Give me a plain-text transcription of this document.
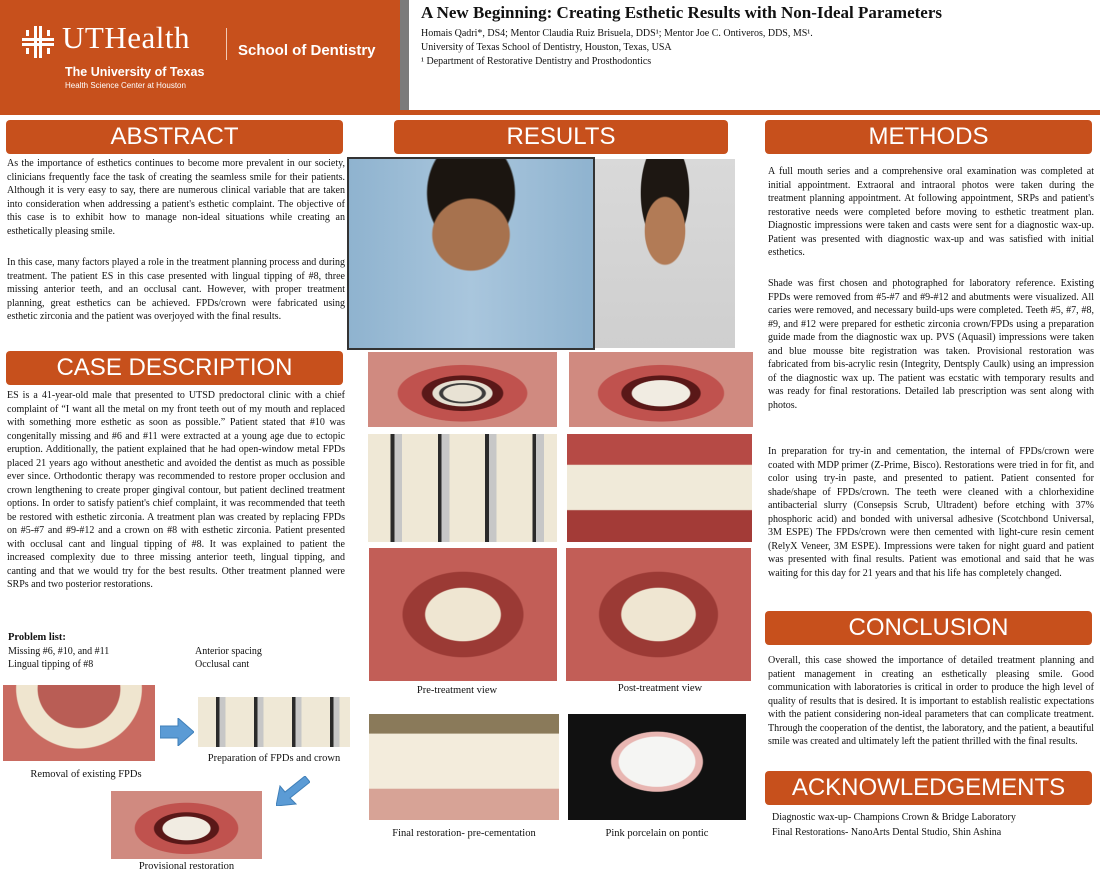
UTHealth	School of Dentistry
The University of Texas
Health Science Center at Houston
A New Beginning: Creating Esthetic Results with Non-Ideal Parameters
Homais Qadri*, DS4; Mentor Claudia Ruiz Brisuela, DDS¹; Mentor Joe C. Ontiveros, DDS, MS¹.
University of Texas School of Dentistry, Houston, Texas, USA
¹ Department of Restorative Dentistry and Prosthodontics
ABSTRACT
As the importance of esthetics continues to become more prevalent in our society, clinicians frequently face the task of creating the seamless smile for their patients. Although it is very easy to say, there are numerous clinical variable that are taken into consideration when addressing a patient's esthetic complaint. The objective of this case is to exhibit how to manage non-ideal situations while creating an esthetically pleasing smile.
In this case, many factors played a role in the treatment planning process and during treatment. The patient ES in this case presented with lingual tipping of #8, three missing anterior teeth, and an occlusal cant. However, with proper treatment planning, great esthetics can be achieved. FPDs/crown were fabricated using esthetic zirconia and the patient was overjoyed with the final results.
CASE DESCRIPTION
ES is a 41-year-old male that presented to UTSD predoctoral clinic with a chief complaint of “I want all the metal on my front teeth out of my mouth and replaced with something more esthetic as soon as possible.” Patient stated that #10 was congenitally missing and #6 and #11 were extracted at a young age due to ectopic eruption. Additionally, the patient explained that he had open-window metal FPDs placed 21 years ago without anesthetic and avoided the dentist as much as possible ever since. Orthodontic therapy was recommended to restore proper occlusion and crown lengthening to create proper gingival contour, but patient declined treatment options. In order to satisfy patient's chief complaint, it was recommended that teeth be restored with esthetic zirconia. A treatment plan was created by replacing FPDs on #5-#7 and #9-#12 and a crown on #8 with esthetic zirconia. Patient presented with occlusal cant and lingual tipping of #8. It was explained to patient the increased complexity due to three missing anterior teeth, lingual tipping, and canting and that we would try for the best results. Other treatment planned were SRPs and two posterior restorations.
Problem list:
Missing #6, #10, and #11	Anterior spacing
Lingual tipping of #8	Occlusal cant
Removal of existing FPDs
Preparation of FPDs and crown
Provisional restoration
RESULTS
Pre-treatment view	Post-treatment view
Final restoration- pre-cementation	Pink porcelain on pontic
METHODS
A full mouth series and a comprehensive oral examination was completed at initial appointment. Extraoral and intraoral photos were taken during the treatment planning appointment. At following appointment, SRPs and patient's restorative needs were completed before moving to esthetic treatment plan. Diagnostic impressions were taken and casts were sent for a diagnostic wax-up. Patient was presented with diagnostic wax-up and was satisfied with initial esthetics.
Shade was first chosen and photographed for laboratory reference. Existing FPDs were removed from #5-#7 and #9-#12 and abutments were visualized. All caries were removed, and necessary build-ups were completed. Teeth #5, #7, #8, #9, and #12 were prepared for esthetic zirconia crown/FPDs using a preparation guide made from the diagnostic wax up. PVS (Aquasil) impressions were taken and blue mousse bite registration was taken. Provisional restoration was fabricated from bis-acrylic resin (Integrity, Dentsply Caulk) using an impression of the diagnostic wax up. The patient was ecstatic with temporary results and was ready for final restorations. Detailed lab prescription was sent along with photos.
In preparation for try-in and cementation, the internal of FPDs/crown were coated with MDP primer (Z-Prime, Bisco). Restorations were tried in for fit, and color using try-in paste, and presented to patient. Patient consented for shade/shape of FPDs/crown. The teeth were cleaned with a chlorhexidine antibacterial slurry (Consepsis Scrub, Ultradent) before etching with 37% phosphoric acid) and bonded with universal adhesive (Scotchbond Universal, 3M ESPE) The FPDs/crown were then cemented with light-cure resin cement (RelyX Veneer, 3M ESPE). Impressions were taken for night guard and patient was presented with final results. Patient was emotional and said that he was waiting for this day for 21 years and that his life has completely changed.
CONCLUSION
Overall, this case showed the importance of detailed treatment planning and patient management in creating an esthetically pleasing smile. Good communication with laboratories is critical in order to produce the high level of quality of results that is desired. It is important to establish realistic expectations with the patient considering non-ideal parameters that can complicate treatment. Through the cooperation of the dentist, the laboratory, and the patient, a beautiful smile was created and ultimately left the patient thrilled with the final results.
ACKNOWLEDGEMENTS
Diagnostic wax-up- Champions Crown & Bridge Laboratory
Final Restorations- NanoArts Dental Studio, Shin Ashina
